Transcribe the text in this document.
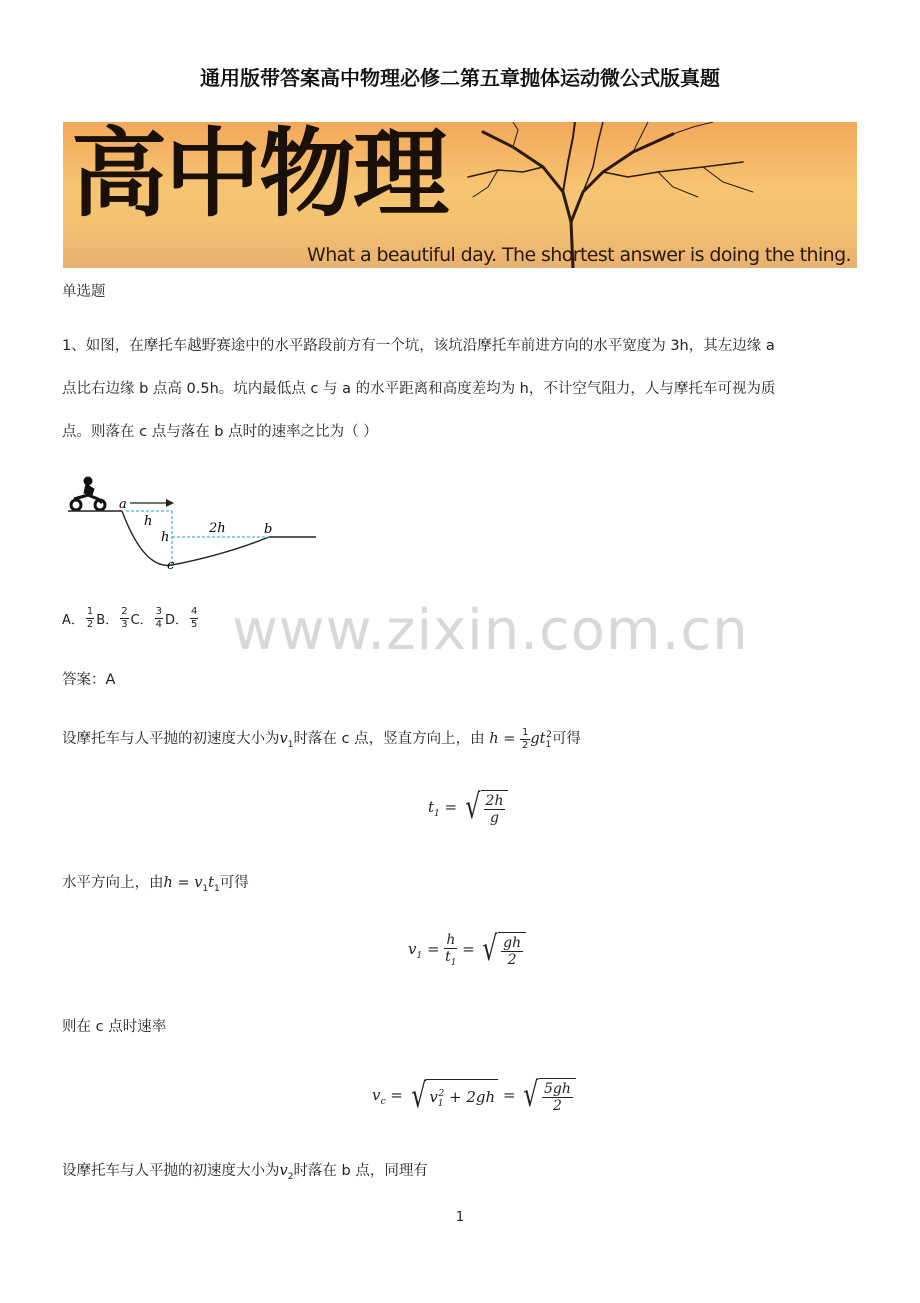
通用版带答案高中物理必修二第五章抛体运动微公式版真题
高中物理
What a beautiful day. The shortest answer is doing the thing.
单选题
1、如图，在摩托车越野赛途中的水平路段前方有一个坑，该坑沿摩托车前进方向的水平宽度为 3h，其左边缘 a
点比右边缘 b 点高 0.5h。坑内最低点 c 与 a 的水平距离和高度差均为 h，不计空气阻力，人与摩托车可视为质
点。则落在 c 点与落在 b 点时的速率之比为（ ）
a
h
h
2h	b
c
www.zixin.com.cn
A． $\frac{1}{2}$ B． $\frac{2}{3}$ C． $\frac{3}{4}$ D． $\frac{4}{5}$
答案：A
设摩托车与人平抛的初速度大小为$v_1$时落在 c 点，竖直方向上，由 $h = \frac{1}{2} gt_1^2$可得
$t_1$ = √ $\frac{2h}{g}$
水平方向上，由$h = v_1t_1$可得
$v_1 = \frac{h}{t_1}$ = √ $\frac{gh}{2}$
则在 c 点时速率
$v_c$ = √ $v_1^2 + 2gh$ = √ $\frac{5gh}{2}$
设摩托车与人平抛的初速度大小为$v_2$时落在 b 点，同理有
1
